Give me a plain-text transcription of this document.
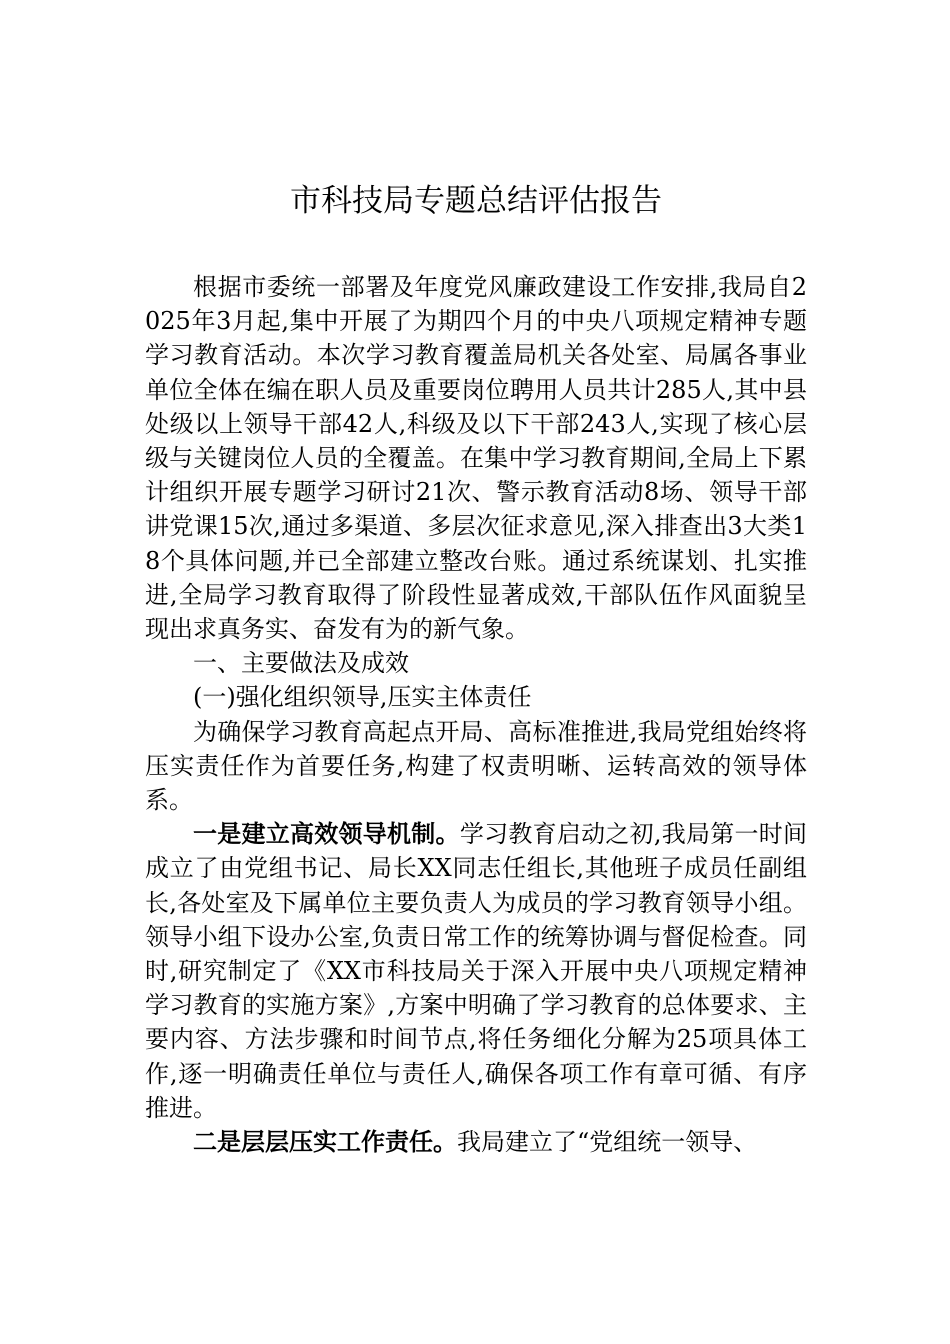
市科技局专题总结评估报告

根据市委统一部署及年度党风廉政建设工作安排,我局自2025年3月起,集中开展了为期四个月的中央八项规定精神专题学习教育活动。本次学习教育覆盖局机关各处室、局属各事业单位全体在编在职人员及重要岗位聘用人员共计285人,其中县处级以上领导干部42人,科级及以下干部243人,实现了核心层级与关键岗位人员的全覆盖。在集中学习教育期间,全局上下累计组织开展专题学习研讨21次、警示教育活动8场、领导干部讲党课15次,通过多渠道、多层次征求意见,深入排查出3大类18个具体问题,并已全部建立整改台账。通过系统谋划、扎实推进,全局学习教育取得了阶段性显著成效,干部队伍作风面貌呈现出求真务实、奋发有为的新气象。

一、主要做法及成效

(一)强化组织领导,压实主体责任

为确保学习教育高起点开局、高标准推进,我局党组始终将压实责任作为首要任务,构建了权责明晰、运转高效的领导体系。

一是建立高效领导机制。学习教育启动之初,我局第一时间成立了由党组书记、局长XX同志任组长,其他班子成员任副组长,各处室及下属单位主要负责人为成员的学习教育领导小组。领导小组下设办公室,负责日常工作的统筹协调与督促检查。同时,研究制定了《XX市科技局关于深入开展中央八项规定精神学习教育的实施方案》,方案中明确了学习教育的总体要求、主要内容、方法步骤和时间节点,将任务细化分解为25项具体工作,逐一明确责任单位与责任人,确保各项工作有章可循、有序推进。

二是层层压实工作责任。我局建立了“党组统一领导、
